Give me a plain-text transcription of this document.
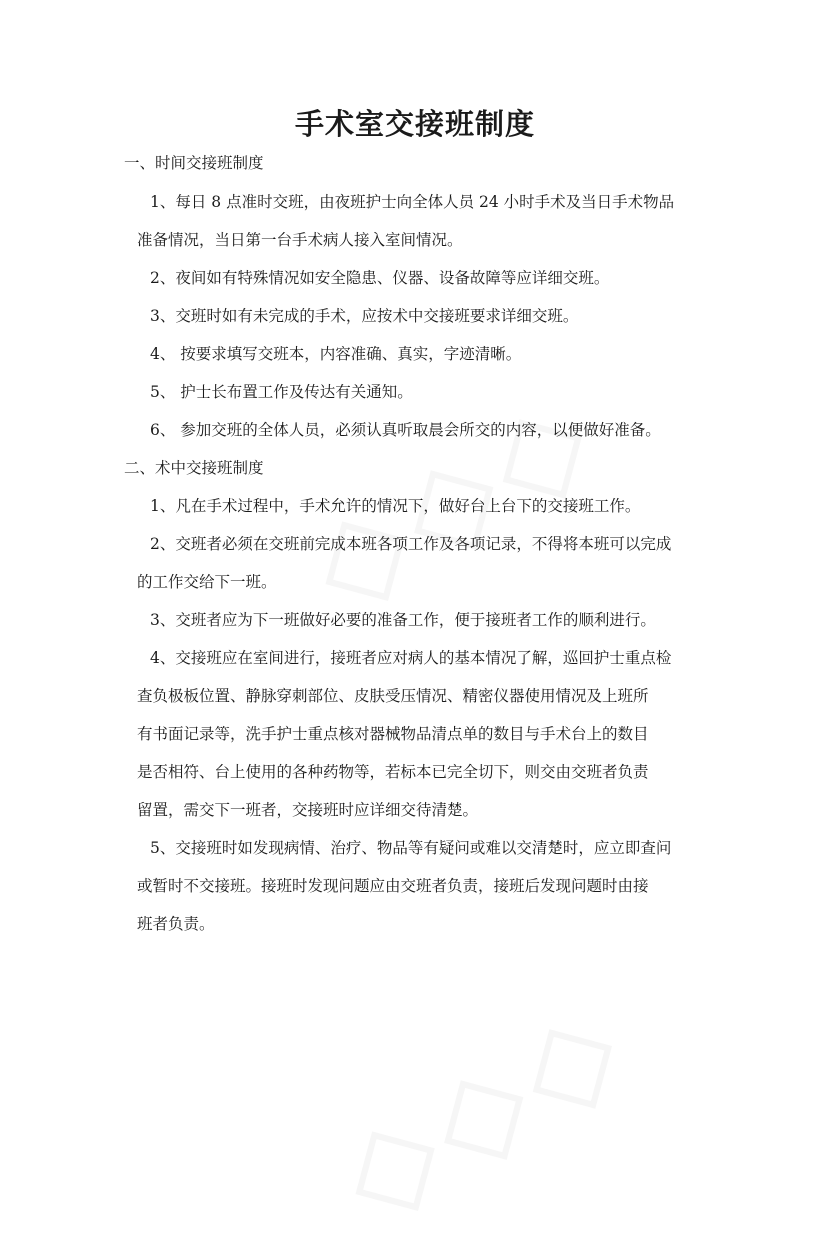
手术室交接班制度
一、时间交接班制度
1、每日 8 点准时交班，由夜班护士向全体人员 24 小时手术及当日手术物品
准备情况，当日第一台手术病人接入室间情况。
2、夜间如有特殊情况如安全隐患、仪器、设备故障等应详细交班。
3、交班时如有未完成的手术，应按术中交接班要求详细交班。
4、 按要求填写交班本，内容准确、真实，字迹清晰。
5、 护士长布置工作及传达有关通知。
6、 参加交班的全体人员，必须认真听取晨会所交的内容，以便做好准备。
二、术中交接班制度
1、凡在手术过程中，手术允许的情况下，做好台上台下的交接班工作。
2、交班者必须在交班前完成本班各项工作及各项记录，不得将本班可以完成
的工作交给下一班。
3、交班者应为下一班做好必要的准备工作，便于接班者工作的顺利进行。
4、交接班应在室间进行，接班者应对病人的基本情况了解，巡回护士重点检
查负极板位置、静脉穿刺部位、皮肤受压情况、精密仪器使用情况及上班所
有书面记录等，洗手护士重点核对器械物品清点单的数目与手术台上的数目
是否相符、台上使用的各种药物等，若标本已完全切下，则交由交班者负责
留置，需交下一班者，交接班时应详细交待清楚。
5、交接班时如发现病情、治疗、物品等有疑问或难以交清楚时，应立即查问
或暂时不交接班。接班时发现问题应由交班者负责，接班后发现问题时由接
班者负责。
